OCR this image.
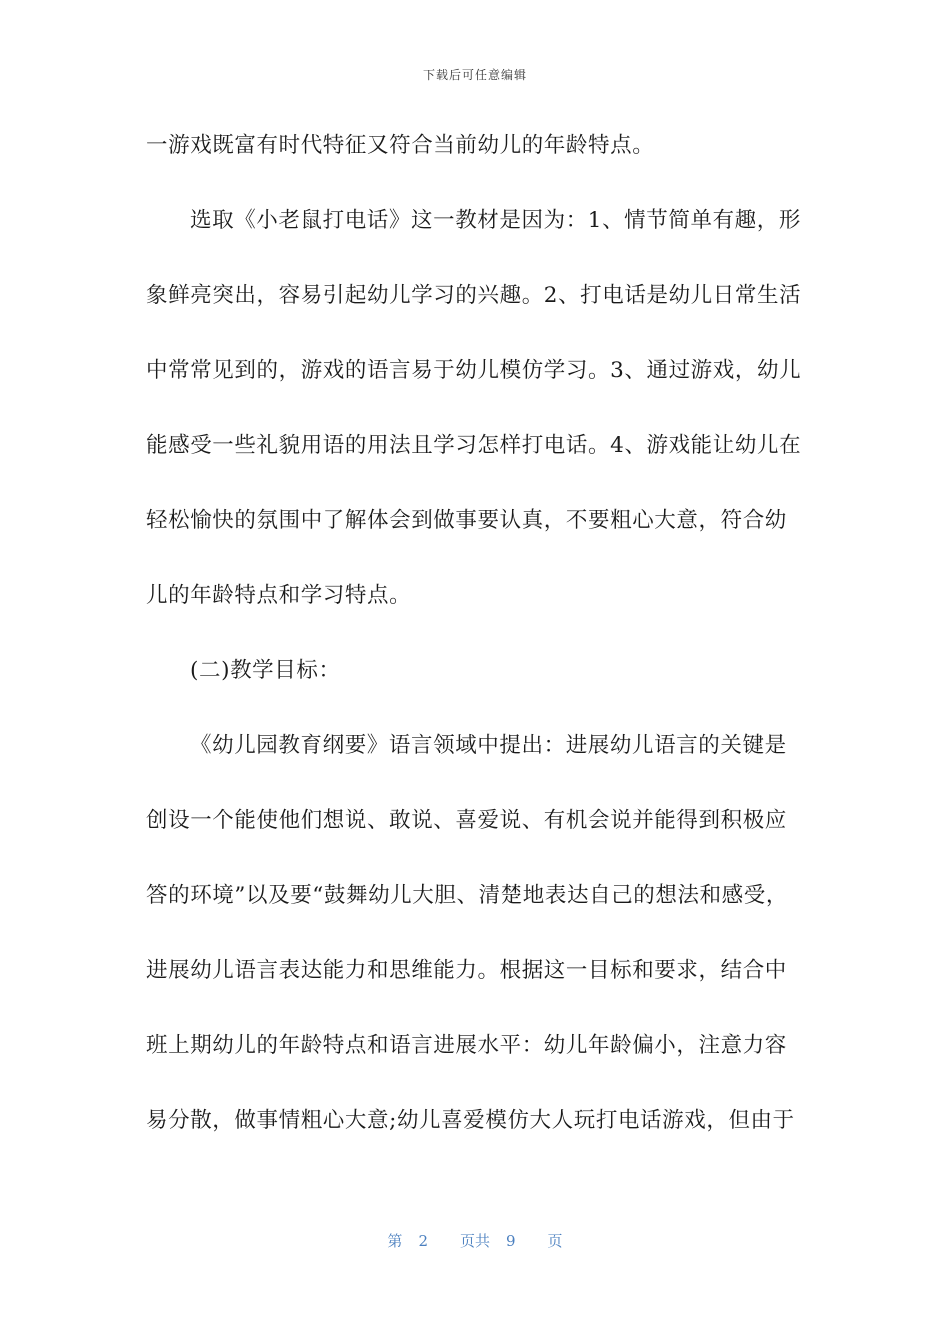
下载后可任意编辑
一游戏既富有时代特征又符合当前幼儿的年龄特点。
选取《小老鼠打电话》这一教材是因为：1、情节简单有趣，形
象鲜亮突出，容易引起幼儿学习的兴趣。2、打电话是幼儿日常生活
中常常见到的，游戏的语言易于幼儿模仿学习。3、通过游戏，幼儿
能感受一些礼貌用语的用法且学习怎样打电话。4、游戏能让幼儿在
轻松愉快的氛围中了解体会到做事要认真，不要粗心大意，符合幼
儿的年龄特点和学习特点。
(二)教学目标：
《幼儿园教育纲要》语言领域中提出：进展幼儿语言的关键是
创设一个能使他们想说、敢说、喜爱说、有机会说并能得到积极应
答的环境”以及要“鼓舞幼儿大胆、清楚地表达自己的想法和感受，
进展幼儿语言表达能力和思维能力。根据这一目标和要求，结合中
班上期幼儿的年龄特点和语言进展水平：幼儿年龄偏小，注意力容
易分散，做事情粗心大意;幼儿喜爱模仿大人玩打电话游戏，但由于
第 2 页共 9 页
